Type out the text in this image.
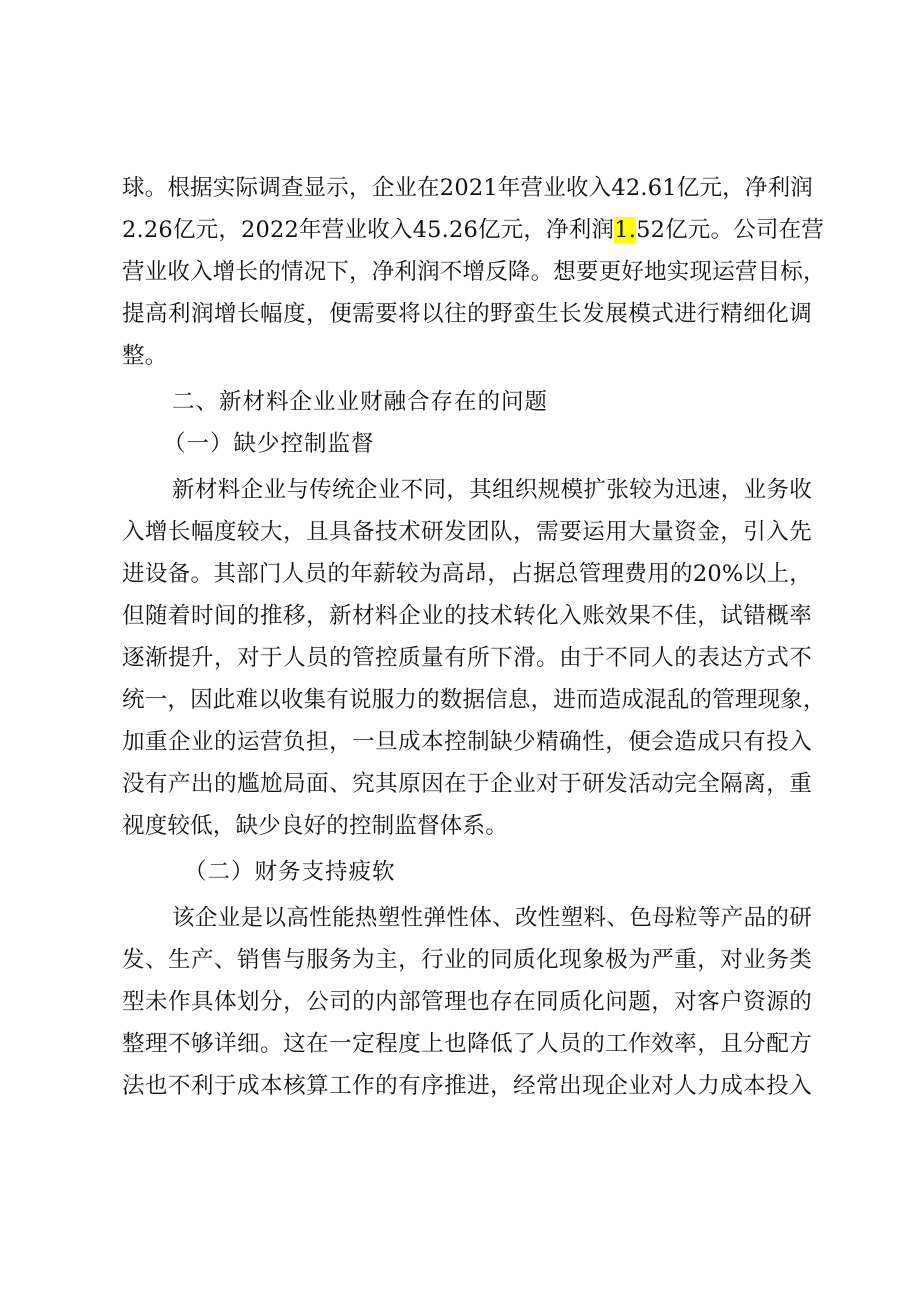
球。根据实际调查显示，企业在2021年营业收入42.61亿元，净利润
2.26亿元，2022年营业收入45.26亿元，净利润1.52亿元。公司在营
营业收入增长的情况下，净利润不增反降。想要更好地实现运营目标，
提高利润增长幅度，便需要将以往的野蛮生长发展模式进行精细化调
整。
二、新材料企业业财融合存在的问题
（一）缺少控制监督
新材料企业与传统企业不同，其组织规模扩张较为迅速，业务收
入增长幅度较大，且具备技术研发团队，需要运用大量资金，引入先
进设备。其部门人员的年薪较为高昂，占据总管理费用的20%以上，
但随着时间的推移，新材料企业的技术转化入账效果不佳，试错概率
逐渐提升，对于人员的管控质量有所下滑。由于不同人的表达方式不
统一，因此难以收集有说服力的数据信息，进而造成混乱的管理现象，
加重企业的运营负担，一旦成本控制缺少精确性，便会造成只有投入
没有产出的尴尬局面、究其原因在于企业对于研发活动完全隔离，重
视度较低，缺少良好的控制监督体系。
（二）财务支持疲软
该企业是以高性能热塑性弹性体、改性塑料、色母粒等产品的研
发、生产、销售与服务为主，行业的同质化现象极为严重，对业务类
型未作具体划分，公司的内部管理也存在同质化问题，对客户资源的
整理不够详细。这在一定程度上也降低了人员的工作效率，且分配方
法也不利于成本核算工作的有序推进，经常出现企业对人力成本投入
